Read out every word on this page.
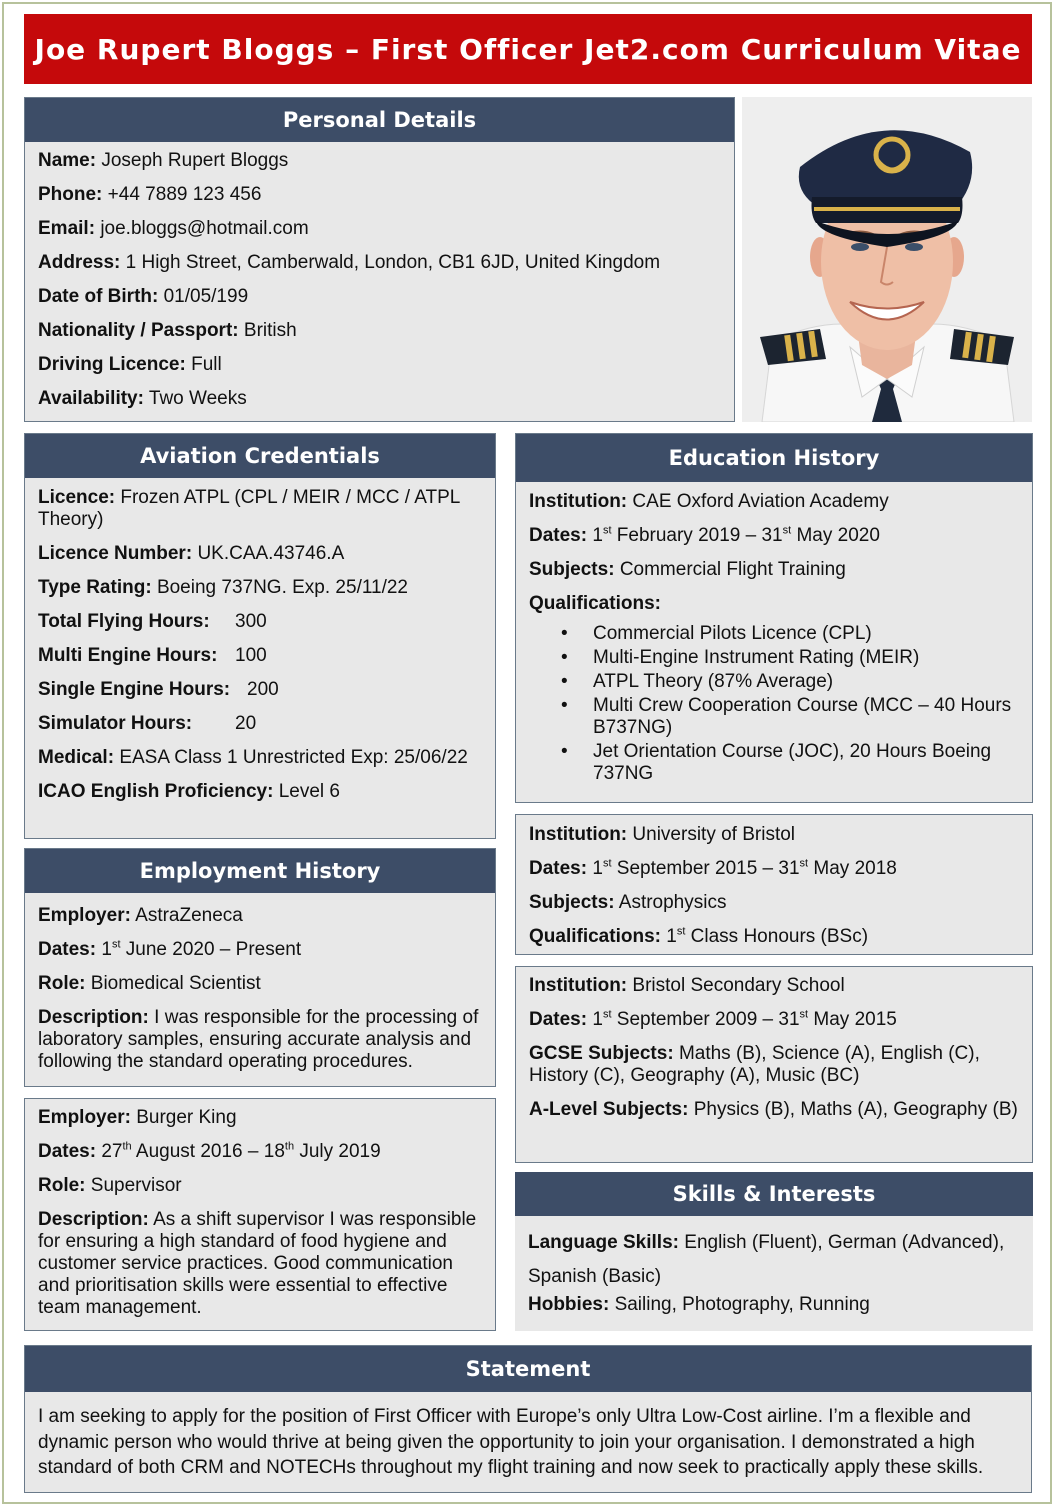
Joe Rupert Bloggs – First Officer Jet2.com Curriculum Vitae
Personal Details
Name: Joseph Rupert Bloggs
Phone: +44 7889 123 456
Email: joe.bloggs@hotmail.com
Address: 1 High Street, Camberwald, London, CB1 6JD, United Kingdom
Date of Birth: 01/05/199
Nationality / Passport: British
Driving Licence: Full
Availability: Two Weeks
Aviation Credentials
Licence: Frozen ATPL (CPL / MEIR / MCC / ATPL Theory)
Licence Number: UK.CAA.43746.A
Type Rating: Boeing 737NG. Exp. 25/11/22
Total Flying Hours: 300
Multi Engine Hours: 100
Single Engine Hours: 200
Simulator Hours: 20
Medical: EASA Class 1 Unrestricted Exp: 25/06/22
ICAO English Proficiency: Level 6
Employment History
Employer: AstraZeneca
Dates: 1st June 2020 – Present
Role: Biomedical Scientist
Description: I was responsible for the processing of laboratory samples, ensuring accurate analysis and following the standard operating procedures.
Employer: Burger King
Dates: 27th August 2016 – 18th July 2019
Role: Supervisor
Description: As a shift supervisor I was responsible for ensuring a high standard of food hygiene and customer service practices. Good communication and prioritisation skills were essential to effective team management.
Education History
Institution: CAE Oxford Aviation Academy
Dates: 1st February 2019 – 31st May 2020
Subjects: Commercial Flight Training
Qualifications:
• Commercial Pilots Licence (CPL)
• Multi-Engine Instrument Rating (MEIR)
• ATPL Theory (87% Average)
• Multi Crew Cooperation Course (MCC – 40 Hours B737NG)
• Jet Orientation Course (JOC), 20 Hours Boeing 737NG
Institution: University of Bristol
Dates: 1st September 2015 – 31st May 2018
Subjects: Astrophysics
Qualifications: 1st Class Honours (BSc)
Institution: Bristol Secondary School
Dates: 1st September 2009 – 31st May 2015
GCSE Subjects: Maths (B), Science (A), English (C), History (C), Geography (A), Music (BC)
A-Level Subjects: Physics (B), Maths (A), Geography (B)
Skills & Interests
Language Skills: English (Fluent), German (Advanced), Spanish (Basic)
Hobbies: Sailing, Photography, Running
Statement
I am seeking to apply for the position of First Officer with Europe’s only Ultra Low-Cost airline. I’m a flexible and dynamic person who would thrive at being given the opportunity to join your organisation. I demonstrated a high standard of both CRM and NOTECHs throughout my flight training and now seek to practically apply these skills.
